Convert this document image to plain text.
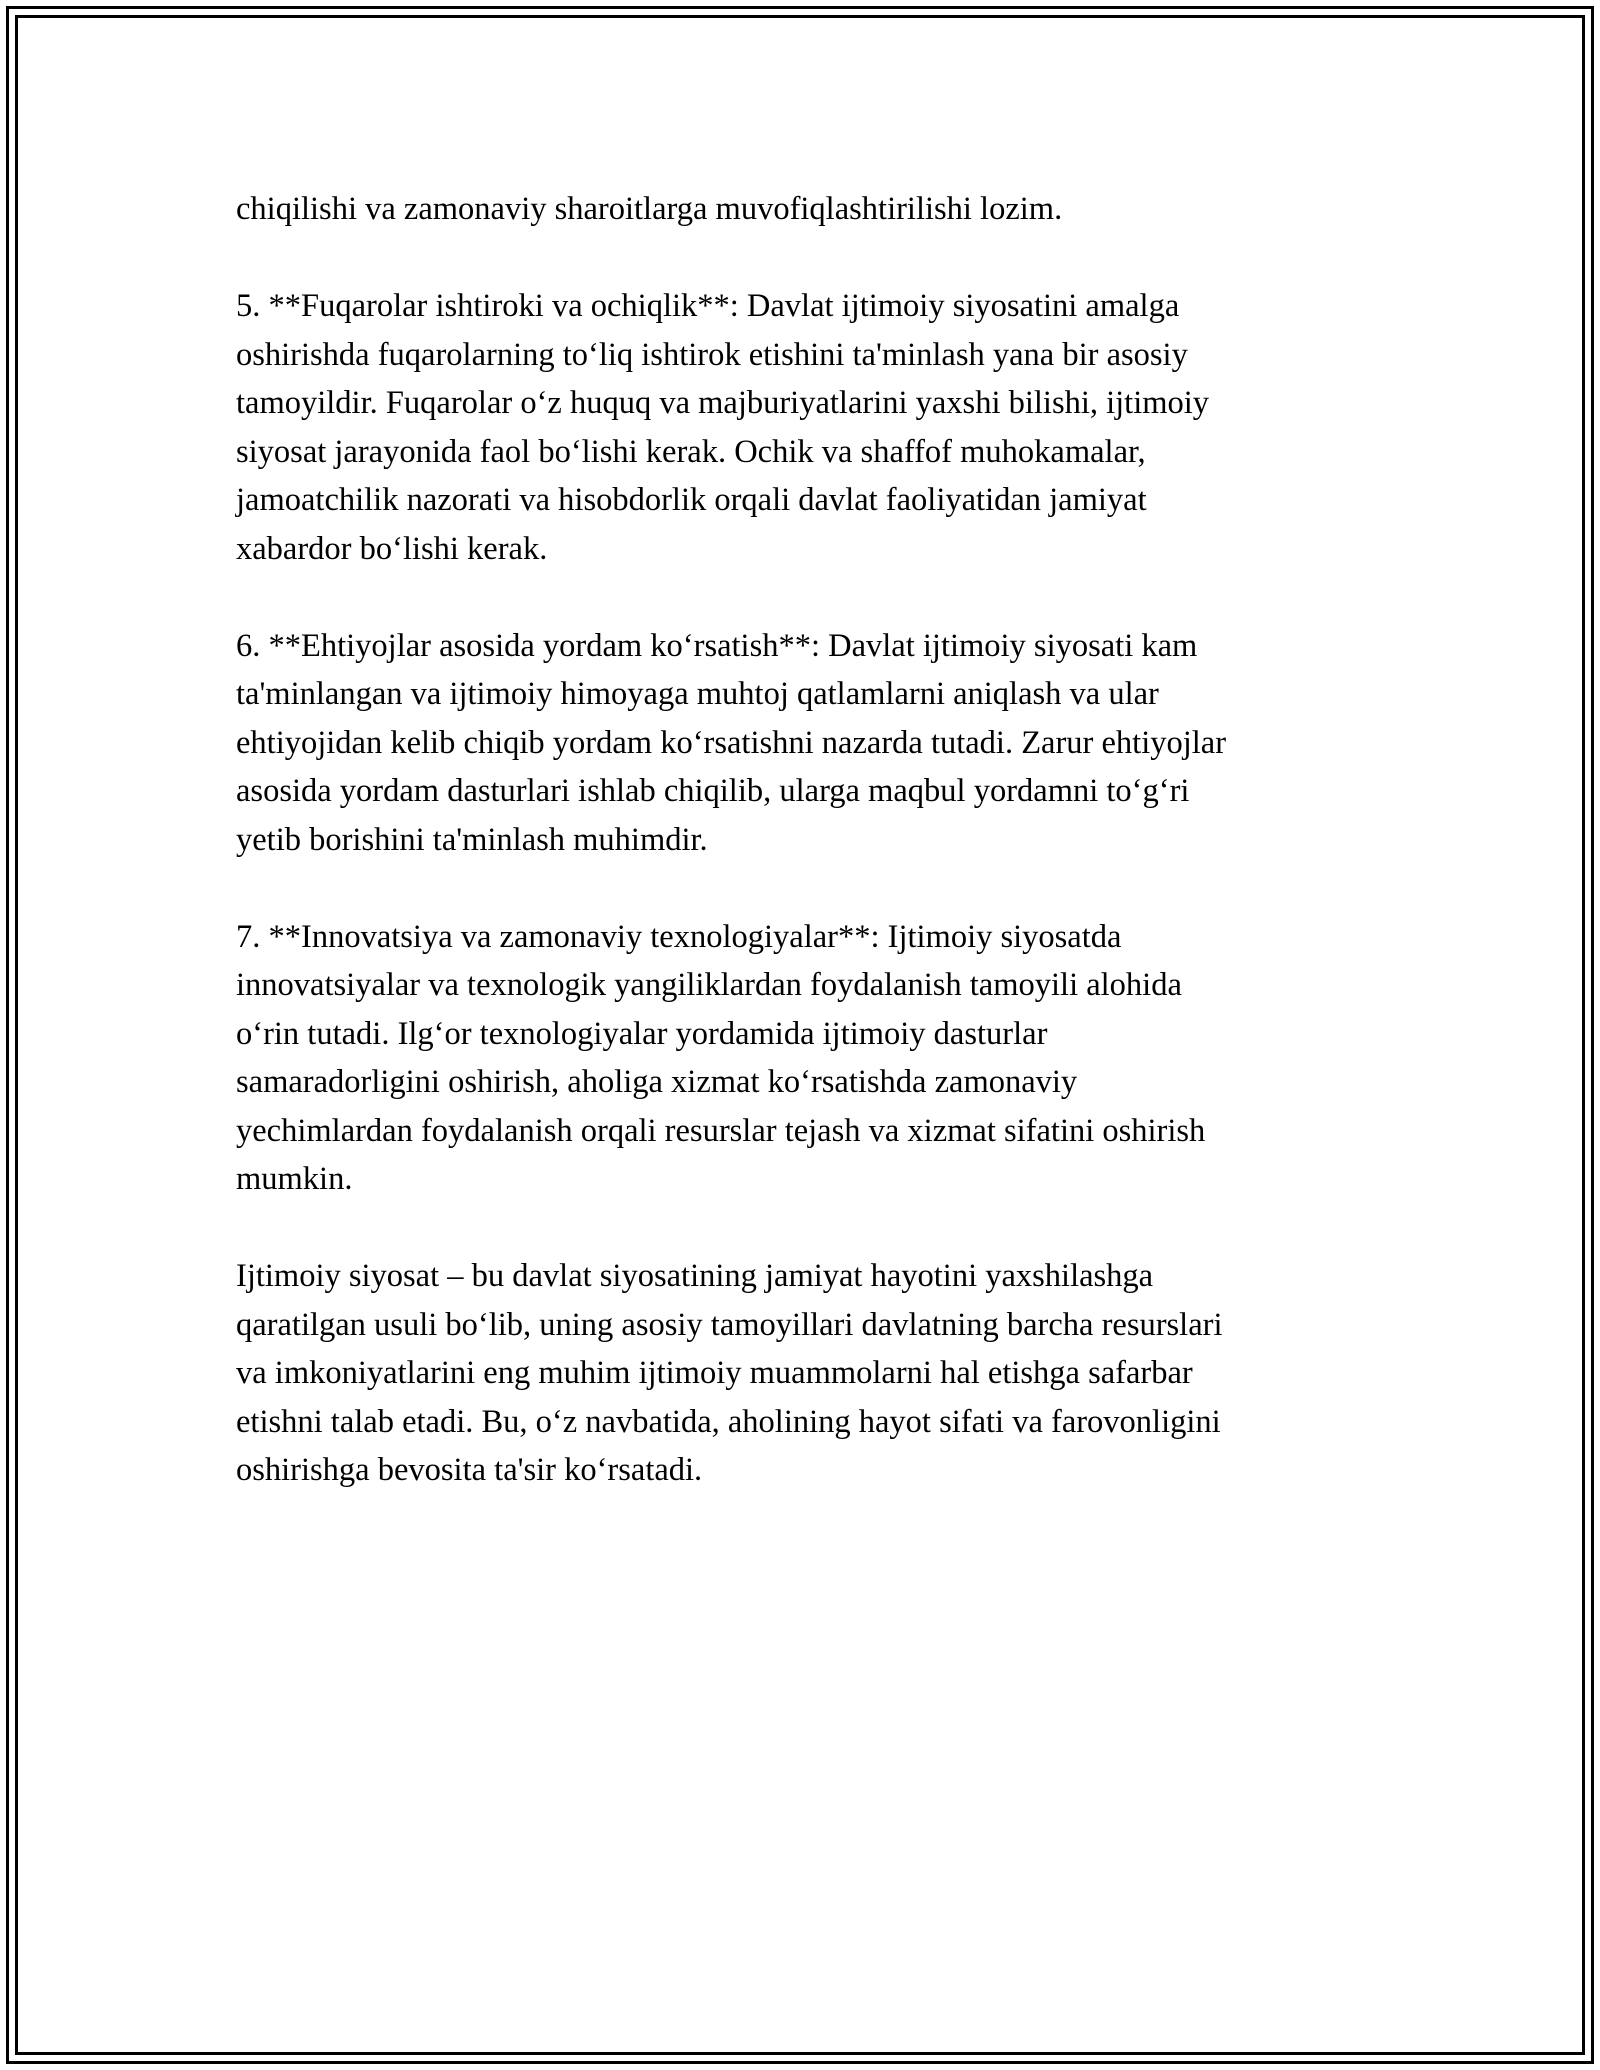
chiqilishi va zamonaviy sharoitlarga muvofiqlashtirilishi lozim.

5. **Fuqarolar ishtiroki va ochiqlik**: Davlat ijtimoiy siyosatini amalga
oshirishda fuqarolarning to‘liq ishtirok etishini ta'minlash yana bir asosiy
tamoyildir. Fuqarolar o‘z huquq va majburiyatlarini yaxshi bilishi, ijtimoiy
siyosat jarayonida faol bo‘lishi kerak. Ochik va shaffof muhokamalar,
jamoatchilik nazorati va hisobdorlik orqali davlat faoliyatidan jamiyat
xabardor bo‘lishi kerak.

6. **Ehtiyojlar asosida yordam ko‘rsatish**: Davlat ijtimoiy siyosati kam
ta'minlangan va ijtimoiy himoyaga muhtoj qatlamlarni aniqlash va ular
ehtiyojidan kelib chiqib yordam ko‘rsatishni nazarda tutadi. Zarur ehtiyojlar
asosida yordam dasturlari ishlab chiqilib, ularga maqbul yordamni to‘g‘ri
yetib borishini ta'minlash muhimdir.

7. **Innovatsiya va zamonaviy texnologiyalar**: Ijtimoiy siyosatda
innovatsiyalar va texnologik yangiliklardan foydalanish tamoyili alohida
o‘rin tutadi. Ilg‘or texnologiyalar yordamida ijtimoiy dasturlar
samaradorligini oshirish, aholiga xizmat ko‘rsatishda zamonaviy
yechimlardan foydalanish orqali resurslar tejash va xizmat sifatini oshirish
mumkin.

Ijtimoiy siyosat – bu davlat siyosatining jamiyat hayotini yaxshilashga
qaratilgan usuli bo‘lib, uning asosiy tamoyillari davlatning barcha resurslari
va imkoniyatlarini eng muhim ijtimoiy muammolarni hal etishga safarbar
etishni talab etadi. Bu, o‘z navbatida, aholining hayot sifati va farovonligini
oshirishga bevosita ta'sir ko‘rsatadi.
